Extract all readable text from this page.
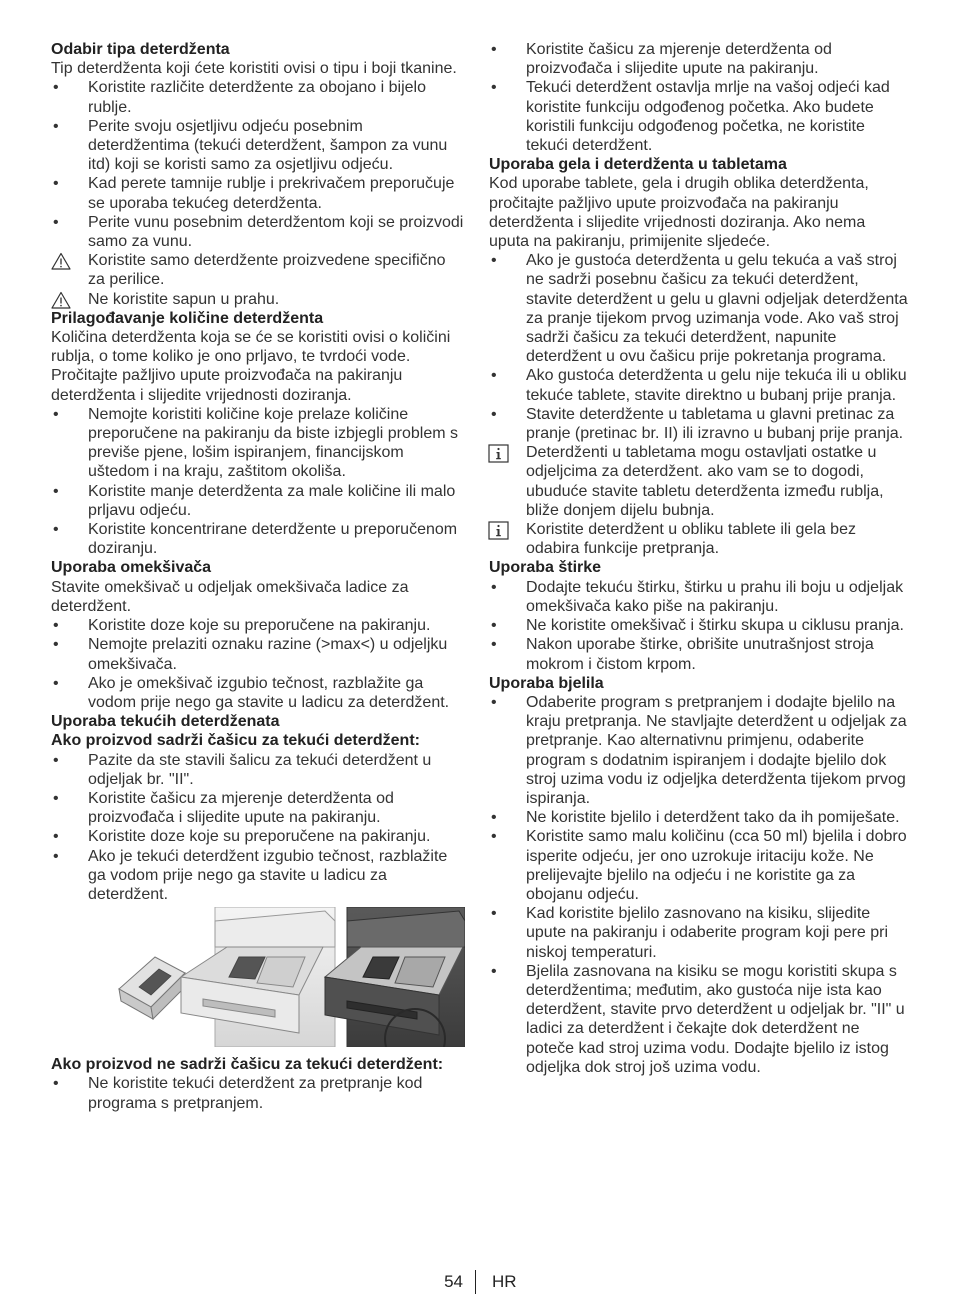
Odabir tipa deterdženta
Tip deterdženta koji ćete koristiti ovisi o tipu i boji tkanine.
• Koristite različite deterdžente za obojano i bijelo rublje.
• Perite svoju osjetljivu odjeću posebnim deterdžentima (tekući deterdžent, šampon za vunu itd) koji se koristi samo za osjetljivu odjeću.
• Kad perete tamnije rublje i prekrivačem preporučuje se uporaba tekućeg deterdženta.
• Perite vunu posebnim deterdžentom koji se proizvodi samo za vunu.
Koristite samo deterdžente proizvedene specifično za perilice.
Ne koristite sapun u prahu.
Prilagođavanje količine deterdženta
Količina deterdženta koja se će se koristiti ovisi o količini rublja, o tome koliko je ono prljavo, te tvrdoći vode. Pročitajte pažljivo upute proizvođača na pakiranju deterdženta i slijedite vrijednosti doziranja.
• Nemojte koristiti količine koje prelaze količine preporučene na pakiranju da biste izbjegli problem s previše pjene, lošim ispiranjem, financijskom uštedom i na kraju, zaštitom okoliša.
• Koristite manje deterdženta za male količine ili malo prljavu odjeću.
• Koristite koncentrirane deterdžente u preporučenom doziranju.
Uporaba omekšivača
Stavite omekšivač u odjeljak omekšivača ladice za deterdžent.
• Koristite doze koje su preporučene na pakiranju.
• Nemojte prelaziti oznaku razine (>max<) u odjeljku omekšivača.
• Ako je omekšivač izgubio tečnost, razblažite ga vodom prije nego ga stavite u ladicu za deterdžent.
Uporaba tekućih deterdženata
Ako proizvod sadrži čašicu za tekući deterdžent:
• Pazite da ste stavili šalicu za tekući deterdžent u odjeljak br. "II".
• Koristite čašicu za mjerenje deterdženta od proizvođača i slijedite upute na pakiranju.
• Koristite doze koje su preporučene na pakiranju.
• Ako je tekući deterdžent izgubio tečnost, razblažite ga vodom prije nego ga stavite u ladicu za deterdžent.
Ako proizvod ne sadrži čašicu za tekući deterdžent:
• Ne koristite tekući deterdžent za pretpranje kod programa s pretpranjem.
• Koristite čašicu za mjerenje deterdženta od proizvođača i slijedite upute na pakiranju.
• Tekući deterdžent ostavlja mrlje na vašoj odjeći kad koristite funkciju odgođenog početka. Ako budete koristili funkciju odgođenog početka, ne koristite tekući deterdžent.
Uporaba gela i deterdženta u tabletama
Kod uporabe tablete, gela i drugih oblika deterdženta, pročitajte pažljivo upute proizvođača na pakiranju deterdženta i slijedite vrijednosti doziranja. Ako nema uputa na pakiranju, primijenite sljedeće.
• Ako je gustoća deterdženta u gelu tekuća a vaš stroj ne sadrži posebnu čašicu za tekući deterdžent, stavite deterdžent u gelu u glavni odjeljak deterdženta za pranje tijekom prvog uzimanja vode. Ako vaš stroj sadrži čašicu za tekući deterdžent, napunite deterdžent u ovu čašicu prije pokretanja programa.
• Ako gustoća deterdženta u gelu nije tekuća ili u obliku tekuće tablete, stavite direktno u bubanj prije pranja.
• Stavite deterdžente u tabletama u glavni pretinac za pranje (pretinac br. II) ili izravno u bubanj prije pranja.
Deterdženti u tabletama mogu ostavljati ostatke u odjeljcima za deterdžent. ako vam se to dogodi, ubuduće stavite tabletu deterdženta između rublja, bliže donjem dijelu bubnja.
Koristite deterdžent u obliku tablete ili gela bez odabira funkcije pretpranja.
Uporaba štirke
• Dodajte tekuću štirku, štirku u prahu ili boju u odjeljak omekšivača kako piše na pakiranju.
• Ne koristite omekšivač i štirku skupa u ciklusu pranja.
• Nakon uporabe štirke, obrišite unutrašnjost stroja mokrom i čistom krpom.
Uporaba bjelila
• Odaberite program s pretpranjem i dodajte bjelilo na kraju pretpranja. Ne stavljajte deterdžent u odjeljak za pretpranje. Kao alternativnu primjenu, odaberite program s dodatnim ispiranjem i dodajte bjelilo dok stroj uzima vodu iz odjeljka deterdženta tijekom prvog ispiranja.
• Ne koristite bjelilo i deterdžent tako da ih pomiješate.
• Koristite samo malu količinu (cca 50 ml) bjelila i dobro isperite odjeću, jer ono uzrokuje iritaciju kože. Ne prelijevajte bjelilo na odjeću i ne koristite ga za obojanu odjeću.
• Kad koristite bjelilo zasnovano na kisiku, slijedite upute na pakiranju i odaberite program koji pere pri niskoj temperaturi.
• Bjelila zasnovana na kisiku se mogu koristiti skupa s deterdžentima; međutim, ako gustoća nije ista kao deterdžent, stavite prvo deterdžent u odjeljak br. "II" u ladici za deterdžent i čekajte dok deterdžent ne poteče kad stroj uzima vodu. Dodajte bjelilo iz istog odjeljka dok stroj još uzima vodu.
54 HR
